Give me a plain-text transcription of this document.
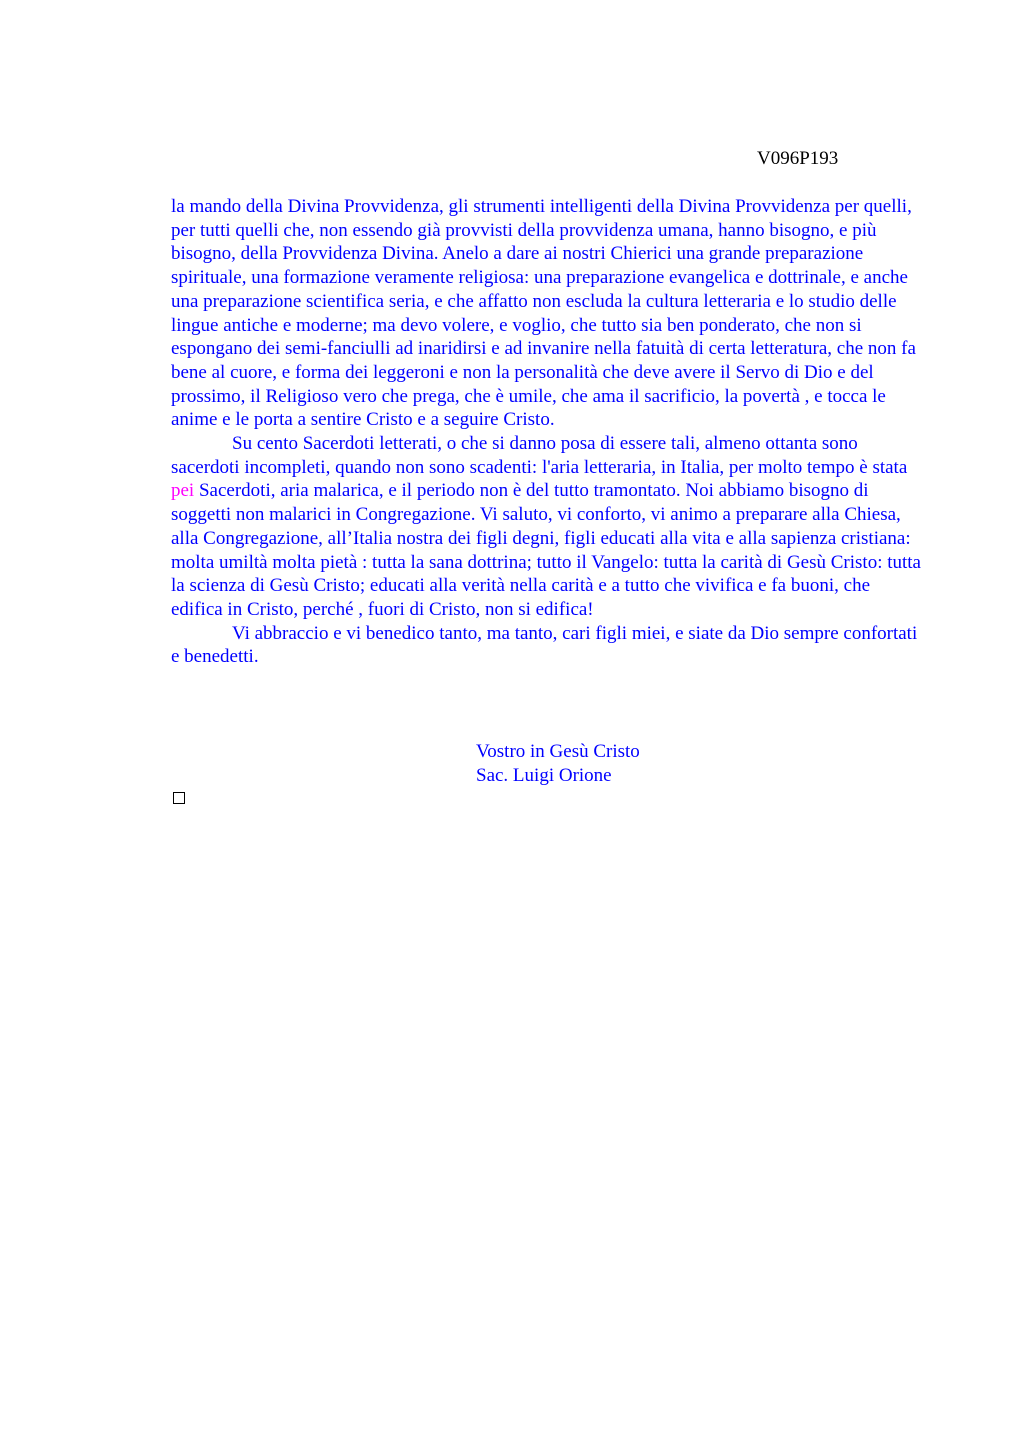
V096P193

la mando della Divina Provvidenza, gli strumenti intelligenti della Divina Provvidenza per quelli, per tutti quelli che, non essendo già provvisti della provvidenza umana, hanno bisogno, e più bisogno, della Provvidenza Divina. Anelo a dare ai nostri Chierici una grande preparazione spirituale, una formazione veramente religiosa: una preparazione evangelica e dottrinale, e anche una preparazione scientifica seria, e che affatto non escluda la cultura letteraria e lo studio delle lingue antiche e moderne; ma devo volere, e voglio, che tutto sia ben ponderato, che non si espongano dei semi-fanciulli ad inaridirsi e ad invanire nella fatuità di certa letteratura, che non fa bene al cuore, e forma dei leggeroni e non la personalità che deve avere il Servo di Dio e del prossimo, il Religioso vero che prega, che è umile, che ama il sacrificio, la povertà , e tocca le anime e le porta a sentire Cristo e a seguire Cristo.

Su cento Sacerdoti letterati, o che si danno posa di essere tali, almeno ottanta sono sacerdoti incompleti, quando non sono scadenti: l'aria letteraria, in Italia, per molto tempo è stata pei Sacerdoti, aria malarica, e il periodo non è del tutto tramontato. Noi abbiamo bisogno di soggetti non malarici in Congregazione. Vi saluto, vi conforto, vi animo a preparare alla Chiesa, alla Congregazione, all’Italia nostra dei figli degni, figli educati alla vita e alla sapienza cristiana: molta umiltà molta pietà : tutta la sana dottrina; tutto il Vangelo: tutta la carità di Gesù Cristo: tutta la scienza di Gesù Cristo; educati alla verità nella carità e a tutto che vivifica e fa buoni, che edifica in Cristo, perché , fuori di Cristo, non si edifica!

Vi abbraccio e vi benedico tanto, ma tanto, cari figli miei, e siate da Dio sempre confortati e benedetti.

Vostro in Gesù Cristo
Sac. Luigi Orione
